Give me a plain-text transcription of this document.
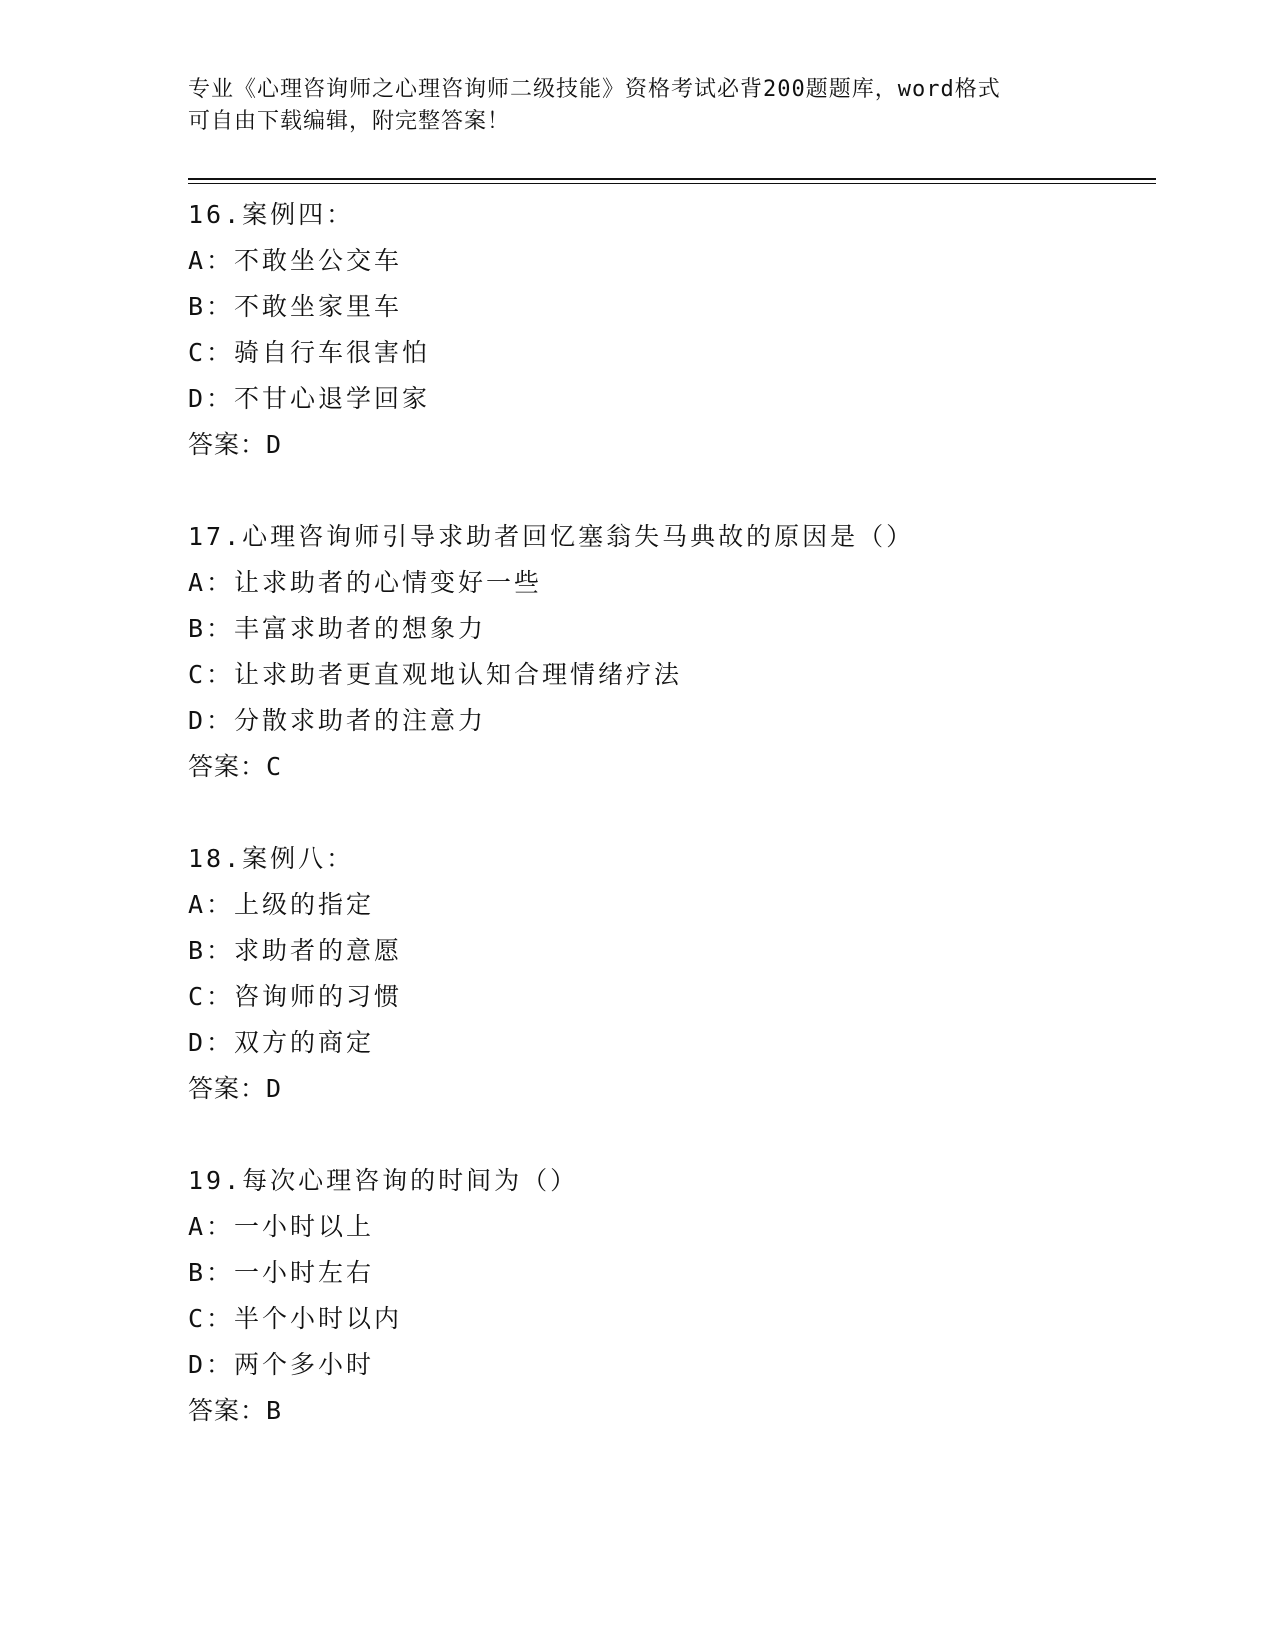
专业《心理咨询师之心理咨询师二级技能》资格考试必背200题题库，word格式
可自由下载编辑，附完整答案！
16.案例四：
A：不敢坐公交车
B：不敢坐家里车
C：骑自行车很害怕
D：不甘心退学回家
答案：D
17.心理咨询师引导求助者回忆塞翁失马典故的原因是（）
A：让求助者的心情变好一些
B：丰富求助者的想象力
C：让求助者更直观地认知合理情绪疗法
D：分散求助者的注意力
答案：C
18.案例八：
A：上级的指定
B：求助者的意愿
C：咨询师的习惯
D：双方的商定
答案：D
19.每次心理咨询的时间为（）
A：一小时以上
B：一小时左右
C：半个小时以内
D：两个多小时
答案：B
